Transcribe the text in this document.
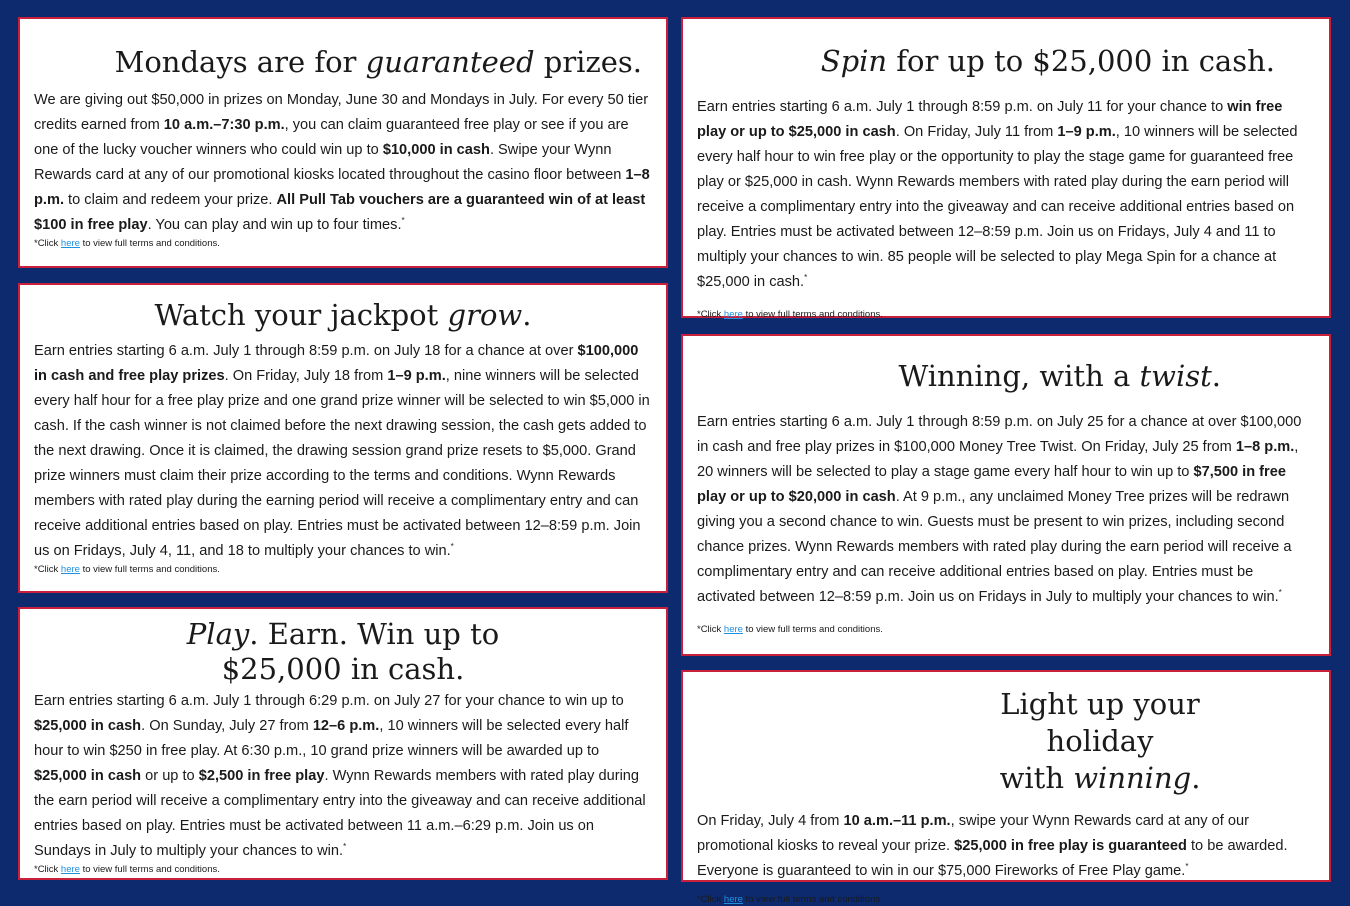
Mondays are for guaranteed prizes.

We are giving out $50,000 in prizes on Monday, June 30 and Mondays in July. For every 50 tier credits earned from 10 a.m.–7:30 p.m., you can claim guaranteed free play or see if you are one of the lucky voucher winners who could win up to $10,000 in cash. Swipe your Wynn Rewards card at any of our promotional kiosks located throughout the casino floor between 1–8 p.m. to claim and redeem your prize. All Pull Tab vouchers are a guaranteed win of at least $100 in free play. You can play and win up to four times.*

*Click here to view full terms and conditions.

Watch your jackpot grow.

Earn entries starting 6 a.m. July 1 through 8:59 p.m. on July 18 for a chance at over $100,000 in cash and free play prizes. On Friday, July 18 from 1–9 p.m., nine winners will be selected every half hour for a free play prize and one grand prize winner will be selected to win $5,000 in cash. If the cash winner is not claimed before the next drawing session, the cash gets added to the next drawing. Once it is claimed, the drawing session grand prize resets to $5,000. Grand prize winners must claim their prize according to the terms and conditions. Wynn Rewards members with rated play during the earning period will receive a complimentary entry and can receive additional entries based on play. Entries must be activated between 12–8:59 p.m. Join us on Fridays, July 4, 11, and 18 to multiply your chances to win.*

*Click here to view full terms and conditions.

Play. Earn. Win up to
$25,000 in cash.

Earn entries starting 6 a.m. July 1 through 6:29 p.m. on July 27 for your chance to win up to $25,000 in cash. On Sunday, July 27 from 12–6 p.m., 10 winners will be selected every half hour to win $250 in free play. At 6:30 p.m., 10 grand prize winners will be awarded up to $25,000 in cash or up to $2,500 in free play. Wynn Rewards members with rated play during the earn period will receive a complimentary entry into the giveaway and can receive additional entries based on play. Entries must be activated between 11 a.m.–6:29 p.m. Join us on Sundays in July to multiply your chances to win.*

*Click here to view full terms and conditions.

Spin for up to $25,000 in cash.

Earn entries starting 6 a.m. July 1 through 8:59 p.m. on July 11 for your chance to win free play or up to $25,000 in cash. On Friday, July 11 from 1–9 p.m., 10 winners will be selected every half hour to win free play or the opportunity to play the stage game for guaranteed free play or $25,000 in cash. Wynn Rewards members with rated play during the earn period will receive a complimentary entry into the giveaway and can receive additional entries based on play. Entries must be activated between 12–8:59 p.m. Join us on Fridays, July 4 and 11 to multiply your chances to win. 85 people will be selected to play Mega Spin for a chance at $25,000 in cash.*

*Click here to view full terms and conditions.

Winning, with a twist.

Earn entries starting 6 a.m. July 1 through 8:59 p.m. on July 25 for a chance at over $100,000 in cash and free play prizes in $100,000 Money Tree Twist. On Friday, July 25 from 1–8 p.m., 20 winners will be selected to play a stage game every half hour to win up to $7,500 in free play or up to $20,000 in cash. At 9 p.m., any unclaimed Money Tree prizes will be redrawn giving you a second chance to win. Guests must be present to win prizes, including second chance prizes. Wynn Rewards members with rated play during the earn period will receive a complimentary entry and can receive additional entries based on play. Entries must be activated between 12–8:59 p.m. Join us on Fridays in July to multiply your chances to win.*

*Click here to view full terms and conditions.

Light up your holiday
with winning.

On Friday, July 4 from 10 a.m.–11 p.m., swipe your Wynn Rewards card at any of our promotional kiosks to reveal your prize. $25,000 in free play is guaranteed to be awarded. Everyone is guaranteed to win in our $75,000 Fireworks of Free Play game.*

*Click here to view full terms and conditions.
